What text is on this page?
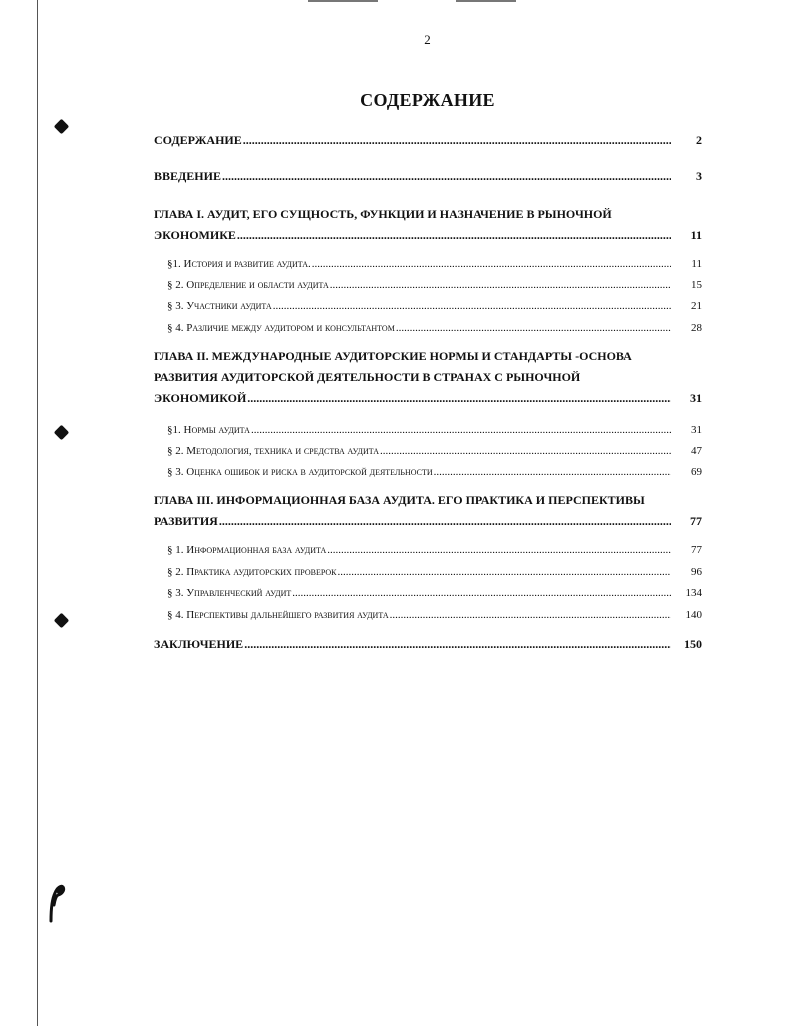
2
СОДЕРЖАНИЕ
СОДЕРЖАНИЕ .....	2
ВВЕДЕНИЕ .....	3
ГЛАВА I. АУДИТ, ЕГО СУЩНОСТЬ, ФУНКЦИИ И НАЗНАЧЕНИЕ В РЫНОЧНОЙ
ЭКОНОМИКЕ .....	11
§1. История и развитие аудита. .....	11
§ 2. Определение и области аудита .....	15
§ 3. Участники аудита .....	21
§ 4. Различие между аудитором и консультантом .....	28
ГЛАВА II. МЕЖДУНАРОДНЫЕ АУДИТОРСКИЕ НОРМЫ И СТАНДАРТЫ -ОСНОВА
РАЗВИТИЯ АУДИТОРСКОЙ ДЕЯТЕЛЬНОСТИ В СТРАНАХ С РЫНОЧНОЙ
ЭКОНОМИКОЙ .....	31
§1. Нормы аудита .....	31
§ 2. Методология, техника и средства аудита .....	47
§ 3. Оценка ошибок и риска в аудиторской деятельности .....	69
ГЛАВА III. ИНФОРМАЦИОННАЯ БАЗА АУДИТА. ЕГО ПРАКТИКА И ПЕРСПЕКТИВЫ
РАЗВИТИЯ .....	77
§ 1. Информационная база аудита .....	77
§ 2. Практика аудиторских проверок .....	96
§ 3. Управленческий аудит .....	134
§ 4. Перспективы дальнейшего развития аудита .....	140
ЗАКЛЮЧЕНИЕ .....	150
